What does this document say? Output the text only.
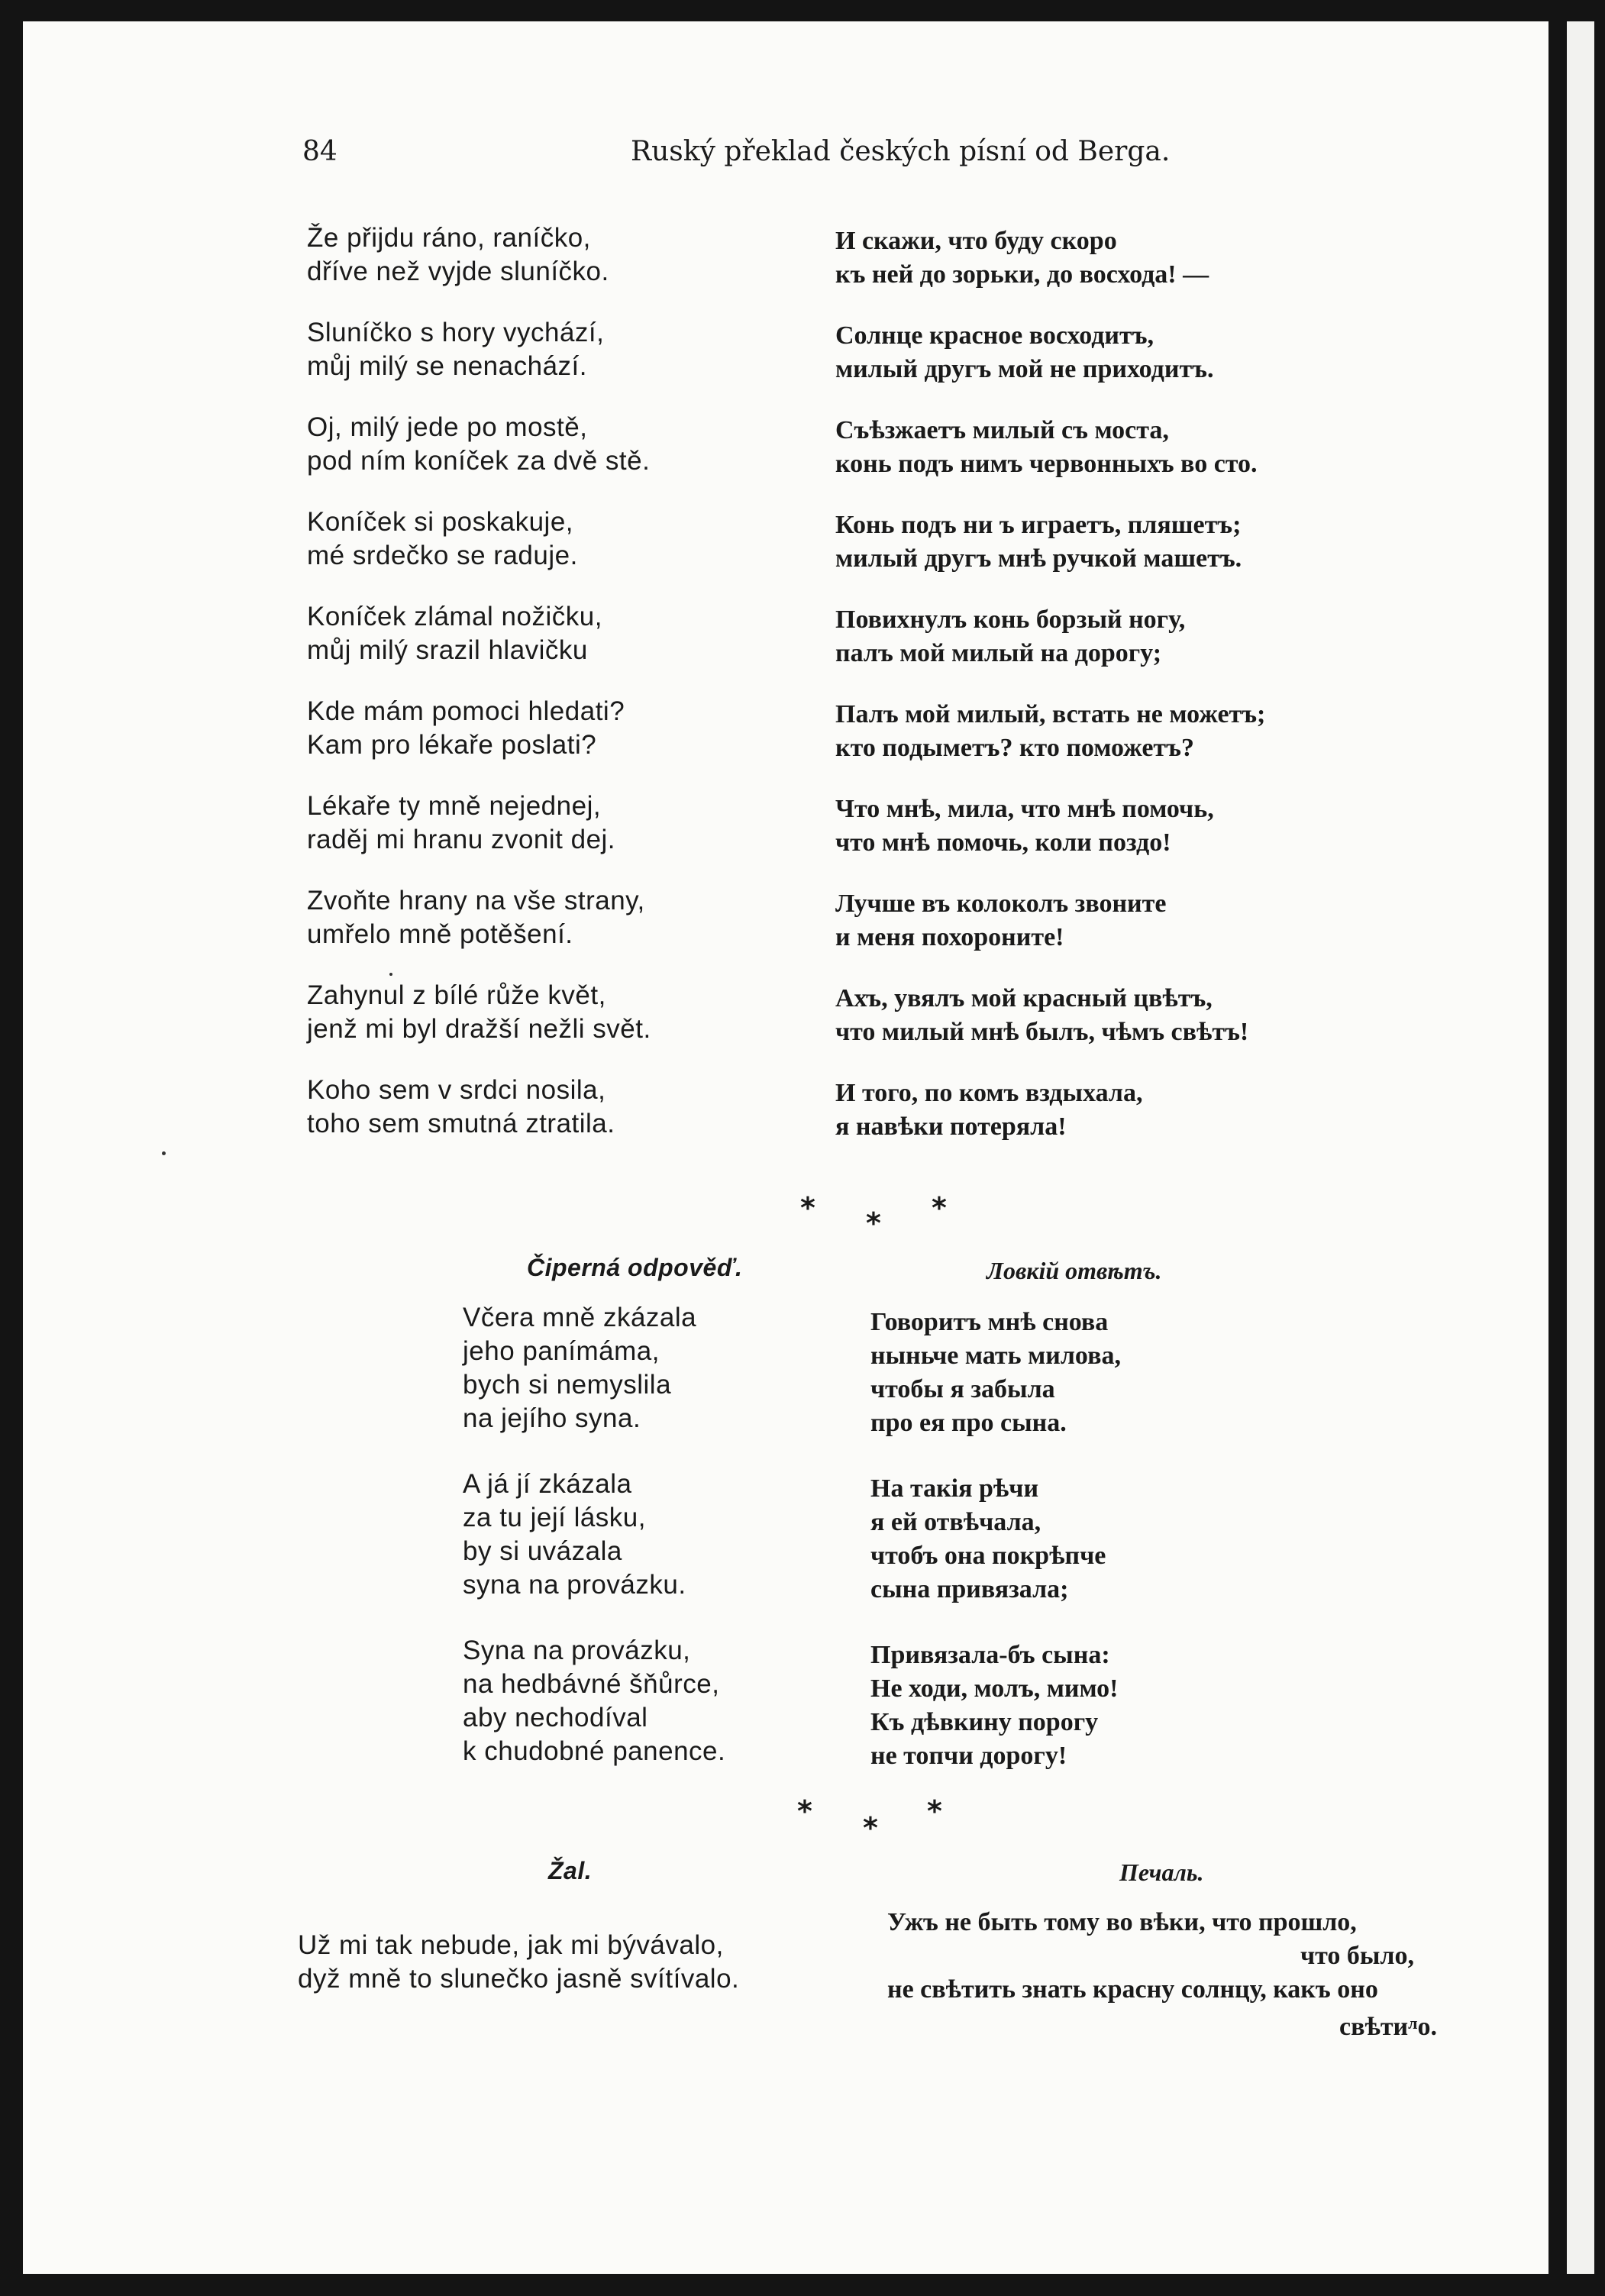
84	Ruský překlad českých písní od Berga.
Že přijdu ráno, raníčko,
dříve než vyjde sluníčko.
Sluníčko s hory vychází,
můj milý se nenachází.
Oj, milý jede po mostě,
pod ním koníček za dvě stě.
Koníček si poskakuje,
mé srdečko se raduje.
Koníček zlámal nožičku,
můj milý srazil hlavičku
Kde mám pomoci hledati?
Kam pro lékaře poslati?
Lékaře ty mně nejednej,
raděj mi hranu zvonit dej.
Zvoňte hrany na vše strany,
umřelo mně potěšení.
Zahynul z bílé růže květ,
jenž mi byl dražší nežli svět.
Koho sem v srdci nosila,
toho sem smutná ztratila.
И скажи, что буду скоро
къ ней до зорьки, до восхода! —
Солнце красное восходитъ,
милый другъ мой не приходитъ.
Съѣзжаетъ милый съ моста,
конь подъ нимъ червонныхъ во сто.
Конь подъ ни ъ играетъ, пляшетъ;
милый другъ мнѣ ручкой машетъ.
Повихнулъ конь борзый ногу,
палъ мой милый на дорогу;
Палъ мой милый, встать не можетъ;
кто подыметъ? кто поможетъ?
Что мнѣ, мила, что мнѣ помочь,
что мнѣ помочь, коли поздо!
Лучше въ колоколъ звоните
и меня похороните!
Ахъ, увялъ мой красный цвѣтъ,
что милый мнѣ былъ, чѣмъ свѣтъ!
И того, по комъ вздыхала,
я навѣки потеряла!
* * *
Čiperná odpověď.	Ловкій отвѣтъ.
Včera mně zkázala
jeho panímáma,
bych si nemyslila
na jejího syna.
A já jí zkázala
za tu její lásku,
by si uvázala
syna na provázku.
Syna na provázku,
na hedbávné šňůrce,
aby nechodíval
k chudobné panence.
Говоритъ мнѣ снова
ныньче мать милова,
чтобы я забыла
про ея про сына.
На такія рѣчи
я ей отвѣчала,
чтобъ она покрѣпче
сына привязала;
Привязала-бъ сына:
Не ходи, молъ, мимо!
Къ дѣвкину порогу
не топчи дорогу!
* * *
Žal.	Печаль.
Už mi tak nebude, jak mi bývávalo,
dyž mně to slunečko jasně svítívalo.
Ужъ не быть тому во вѣки, что прошло,
что было,
не свѣтить знать красну солнцу, какъ оно
свѣти$^л$о.
